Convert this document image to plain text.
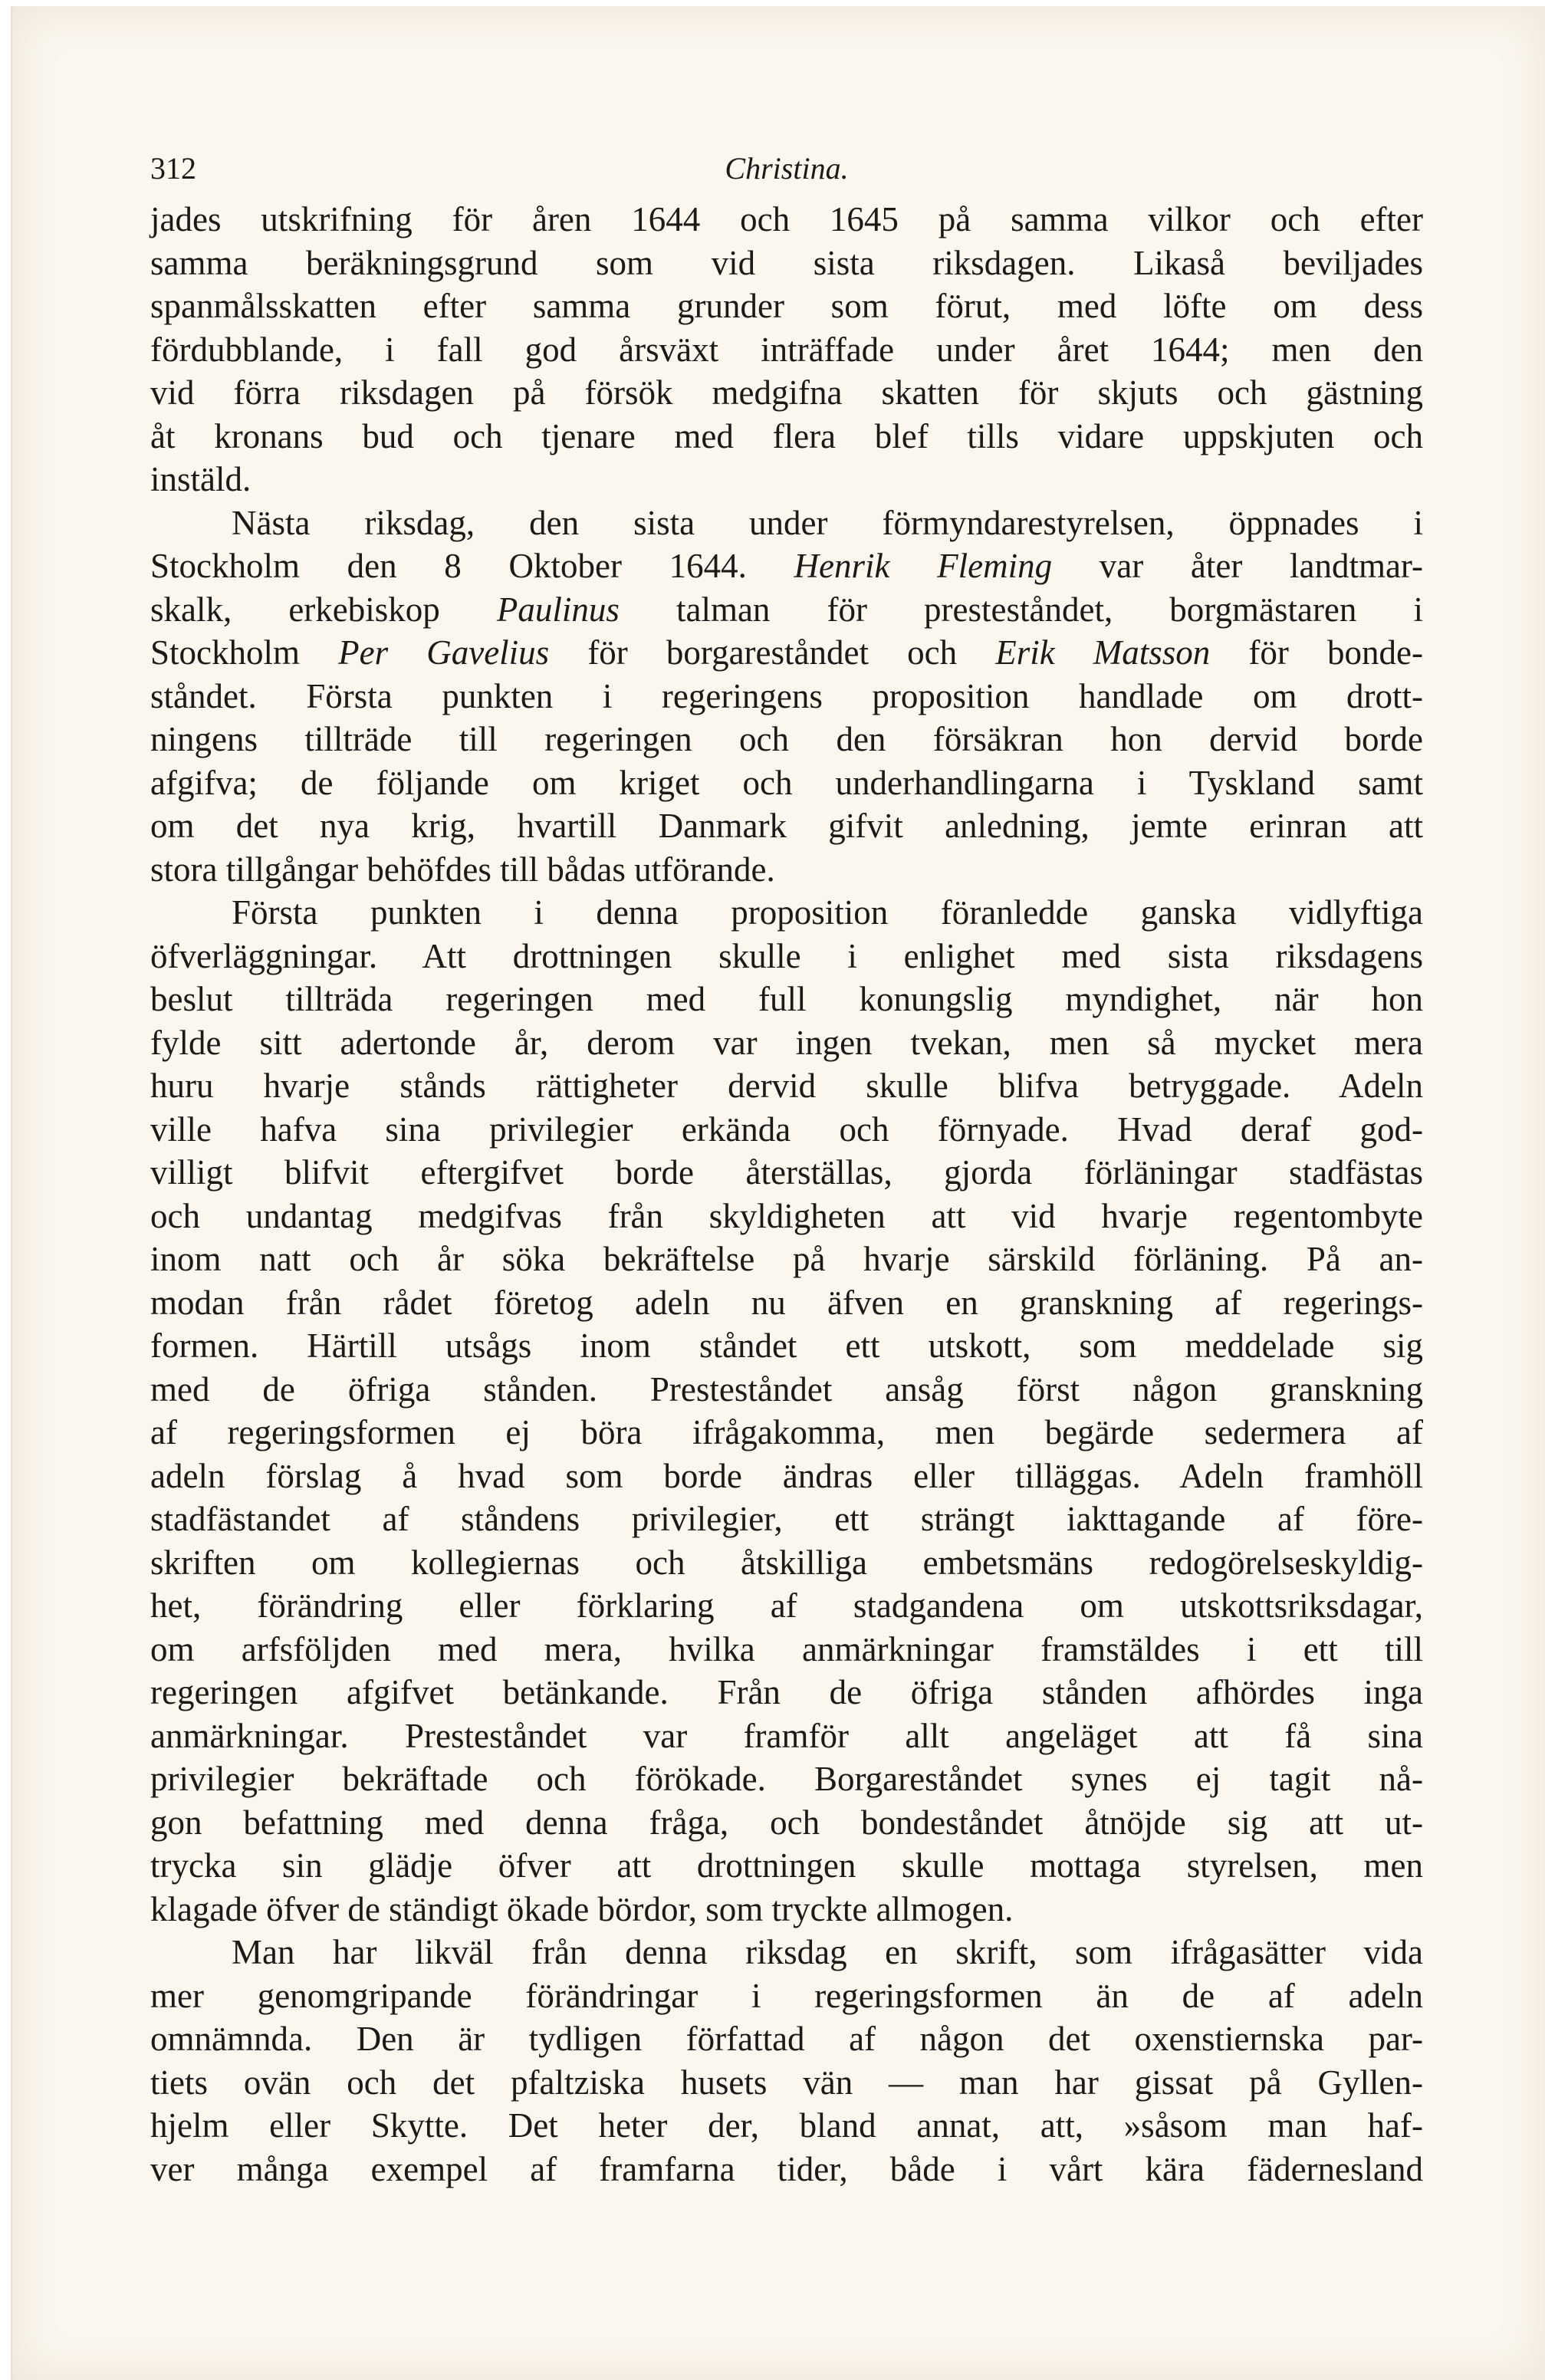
312	Christina.
jades utskrifning för åren 1644 och 1645 på samma vilkor och efter
samma beräkningsgrund som vid sista riksdagen. Likaså beviljades
spanmålsskatten efter samma grunder som förut, med löfte om dess
fördubblande, i fall god årsväxt inträffade under året 1644; men den
vid förra riksdagen på försök medgifna skatten för skjuts och gästning
åt kronans bud och tjenare med flera blef tills vidare uppskjuten och
instäld.
Nästa riksdag, den sista under förmyndarestyrelsen, öppnades i
Stockholm den 8 Oktober 1644. Henrik Fleming var åter landtmar-
skalk, erkebiskop Paulinus talman för presteståndet, borgmästaren i
Stockholm Per Gavelius för borgareståndet och Erik Matsson för bonde-
ståndet. Första punkten i regeringens proposition handlade om drott-
ningens tillträde till regeringen och den försäkran hon dervid borde
afgifva; de följande om kriget och underhandlingarna i Tyskland samt
om det nya krig, hvartill Danmark gifvit anledning, jemte erinran att
stora tillgångar behöfdes till bådas utförande.
Första punkten i denna proposition föranledde ganska vidlyftiga
öfverläggningar. Att drottningen skulle i enlighet med sista riksdagens
beslut tillträda regeringen med full konungslig myndighet, när hon
fylde sitt adertonde år, derom var ingen tvekan, men så mycket mera
huru hvarje stånds rättigheter dervid skulle blifva betryggade. Adeln
ville hafva sina privilegier erkända och förnyade. Hvad deraf god-
villigt blifvit eftergifvet borde återställas, gjorda förläningar stadfästas
och undantag medgifvas från skyldigheten att vid hvarje regentombyte
inom natt och år söka bekräftelse på hvarje särskild förläning. På an-
modan från rådet företog adeln nu äfven en granskning af regerings-
formen. Härtill utsågs inom ståndet ett utskott, som meddelade sig
med de öfriga stånden. Presteståndet ansåg först någon granskning
af regeringsformen ej böra ifrågakomma, men begärde sedermera af
adeln förslag å hvad som borde ändras eller tilläggas. Adeln framhöll
stadfästandet af ståndens privilegier, ett strängt iakttagande af före-
skriften om kollegiernas och åtskilliga embetsmäns redogörelseskyldig-
het, förändring eller förklaring af stadgandena om utskottsriksdagar,
om arfsföljden med mera, hvilka anmärkningar framstäldes i ett till
regeringen afgifvet betänkande. Från de öfriga stånden afhördes inga
anmärkningar. Presteståndet var framför allt angeläget att få sina
privilegier bekräftade och förökade. Borgareståndet synes ej tagit nå-
gon befattning med denna fråga, och bondeståndet åtnöjde sig att ut-
trycka sin glädje öfver att drottningen skulle mottaga styrelsen, men
klagade öfver de ständigt ökade bördor, som tryckte allmogen.
Man har likväl från denna riksdag en skrift, som ifrågasätter vida
mer genomgripande förändringar i regeringsformen än de af adeln
omnämnda. Den är tydligen författad af någon det oxenstiernska par-
tiets ovän och det pfaltziska husets vän — man har gissat på Gyllen-
hjelm eller Skytte. Det heter der, bland annat, att, »såsom man haf-
ver många exempel af framfarna tider, både i vårt kära fädernesland
